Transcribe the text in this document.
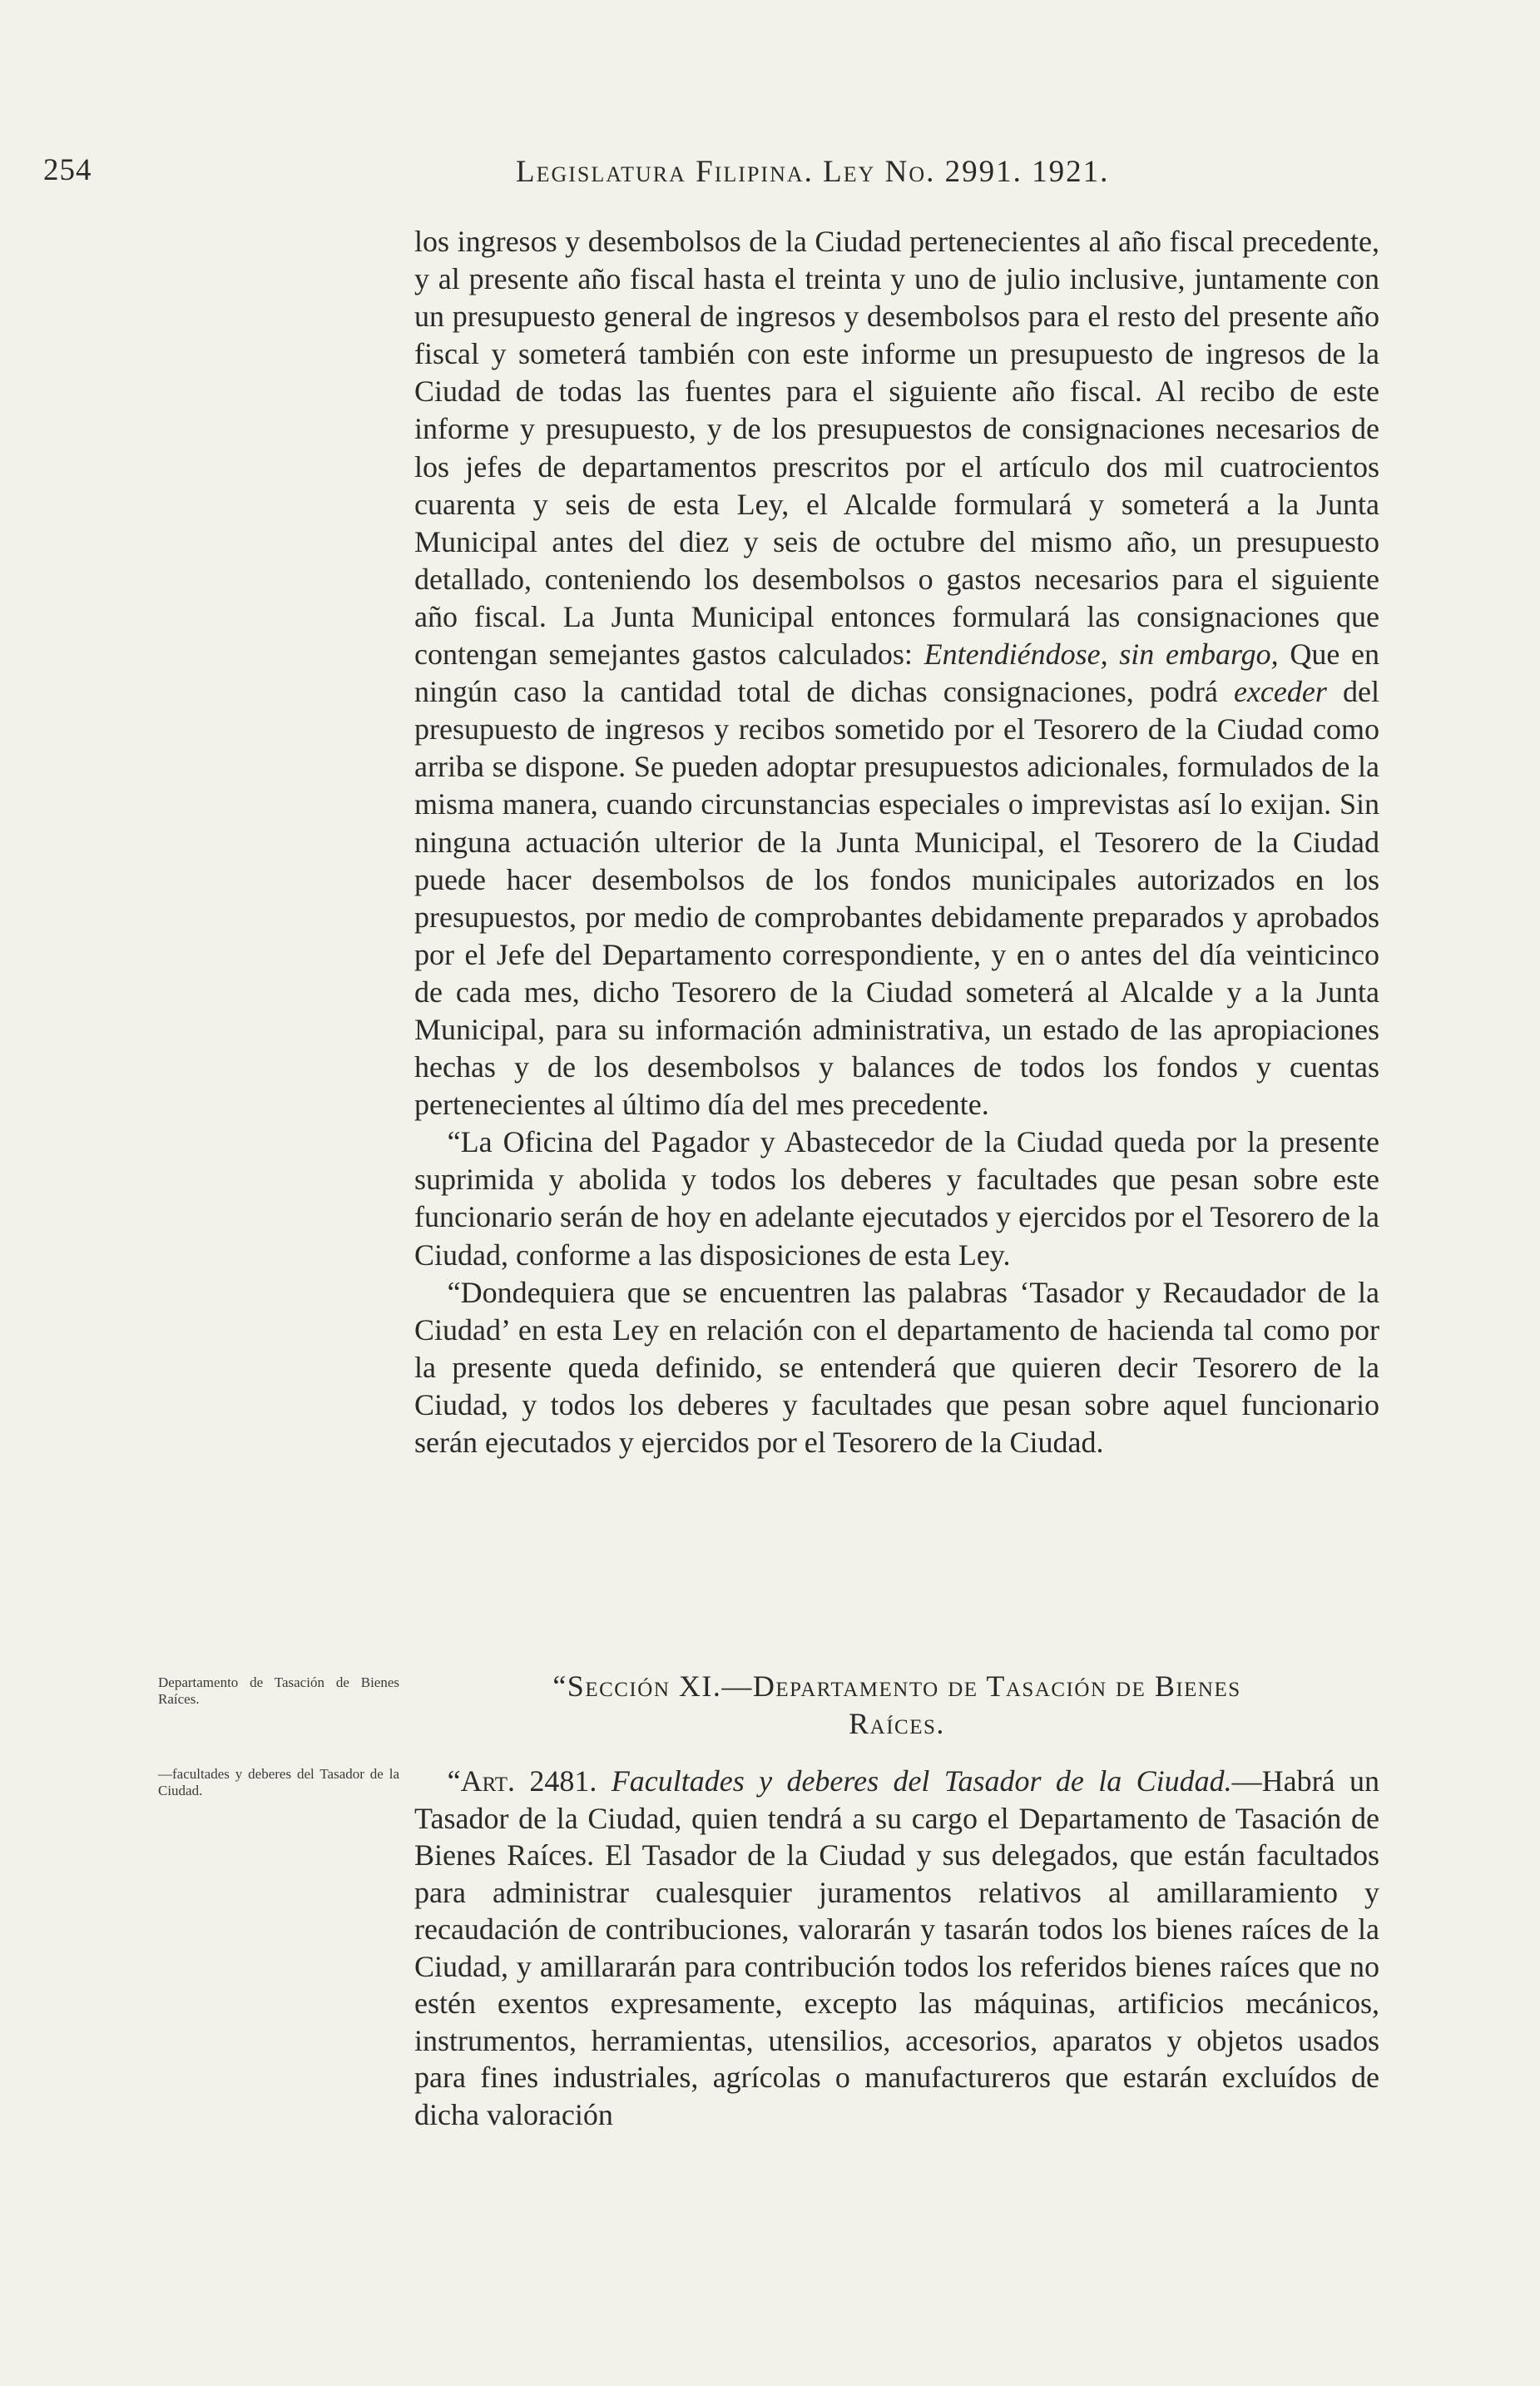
254	Legislatura Filipina. Ley No. 2991. 1921.

los ingresos y desembolsos de la Ciudad pertenecientes al año fiscal precedente, y al presente año fiscal hasta el treinta y uno de julio inclusive, juntamente con un presupuesto general de ingresos y desembolsos para el resto del presente año fiscal y someterá también con este informe un presupuesto de ingresos de la Ciudad de todas las fuentes para el siguiente año fiscal. Al recibo de este informe y presupuesto, y de los presupuestos de consignaciones necesarios de los jefes de departamentos prescritos por el artículo dos mil cuatrocientos cuarenta y seis de esta Ley, el Alcalde formulará y someterá a la Junta Municipal antes del diez y seis de octubre del mismo año, un presupuesto detallado, conteniendo los desembolsos o gastos necesarios para el siguiente año fiscal. La Junta Municipal entonces formulará las consignaciones que contengan semejantes gastos calculados: Entendiéndose, sin embargo, Que en ningún caso la cantidad total de dichas consignaciones, podrá exceder del presupuesto de ingresos y recibos sometido por el Tesorero de la Ciudad como arriba se dispone. Se pueden adoptar presupuestos adicionales, formulados de la misma manera, cuando circunstancias especiales o imprevistas así lo exijan. Sin ninguna actuación ulterior de la Junta Municipal, el Tesorero de la Ciudad puede hacer desembolsos de los fondos municipales autorizados en los presupuestos, por medio de comprobantes debidamente preparados y aprobados por el Jefe del Departamento correspondiente, y en o antes del día veinticinco de cada mes, dicho Tesorero de la Ciudad someterá al Alcalde y a la Junta Municipal, para su información administrativa, un estado de las apropiaciones hechas y de los desembolsos y balances de todos los fondos y cuentas pertenecientes al último día del mes precedente.

“La Oficina del Pagador y Abastecedor de la Ciudad queda por la presente suprimida y abolida y todos los deberes y facultades que pesan sobre este funcionario serán de hoy en adelante ejecutados y ejercidos por el Tesorero de la Ciudad, conforme a las disposiciones de esta Ley.

“Dondequiera que se encuentren las palabras ‘Tasador y Recaudador de la Ciudad’ en esta Ley en relación con el departamento de hacienda tal como por la presente queda definido, se entenderá que quieren decir Tesorero de la Ciudad, y todos los deberes y facultades que pesan sobre aquel funcionario serán ejecutados y ejercidos por el Tesorero de la Ciudad.

Departamento de Tasación de Bienes Raíces.	“Sección XI.—Departamento de Tasación de Bienes
Raíces.
—facultades y deberes del Tasador de la Ciudad.	“Art. 2481. Facultades y deberes del Tasador de la Ciudad.—Habrá un Tasador de la Ciudad, quien tendrá a su cargo el Departamento de Tasación de Bienes Raíces. El Tasador de la Ciudad y sus delegados, que están facultados para administrar cualesquier juramentos relativos al amillaramiento y recaudación de contribuciones, valorarán y tasarán todos los bienes raíces de la Ciudad, y amillararán para contribución todos los referidos bienes raíces que no estén exentos expresamente, excepto las máquinas, artificios mecánicos, instrumentos, herramientas, utensilios, accesorios, aparatos y objetos usados para fines industriales, agrícolas o manufactureros que estarán excluídos de dicha valoración
